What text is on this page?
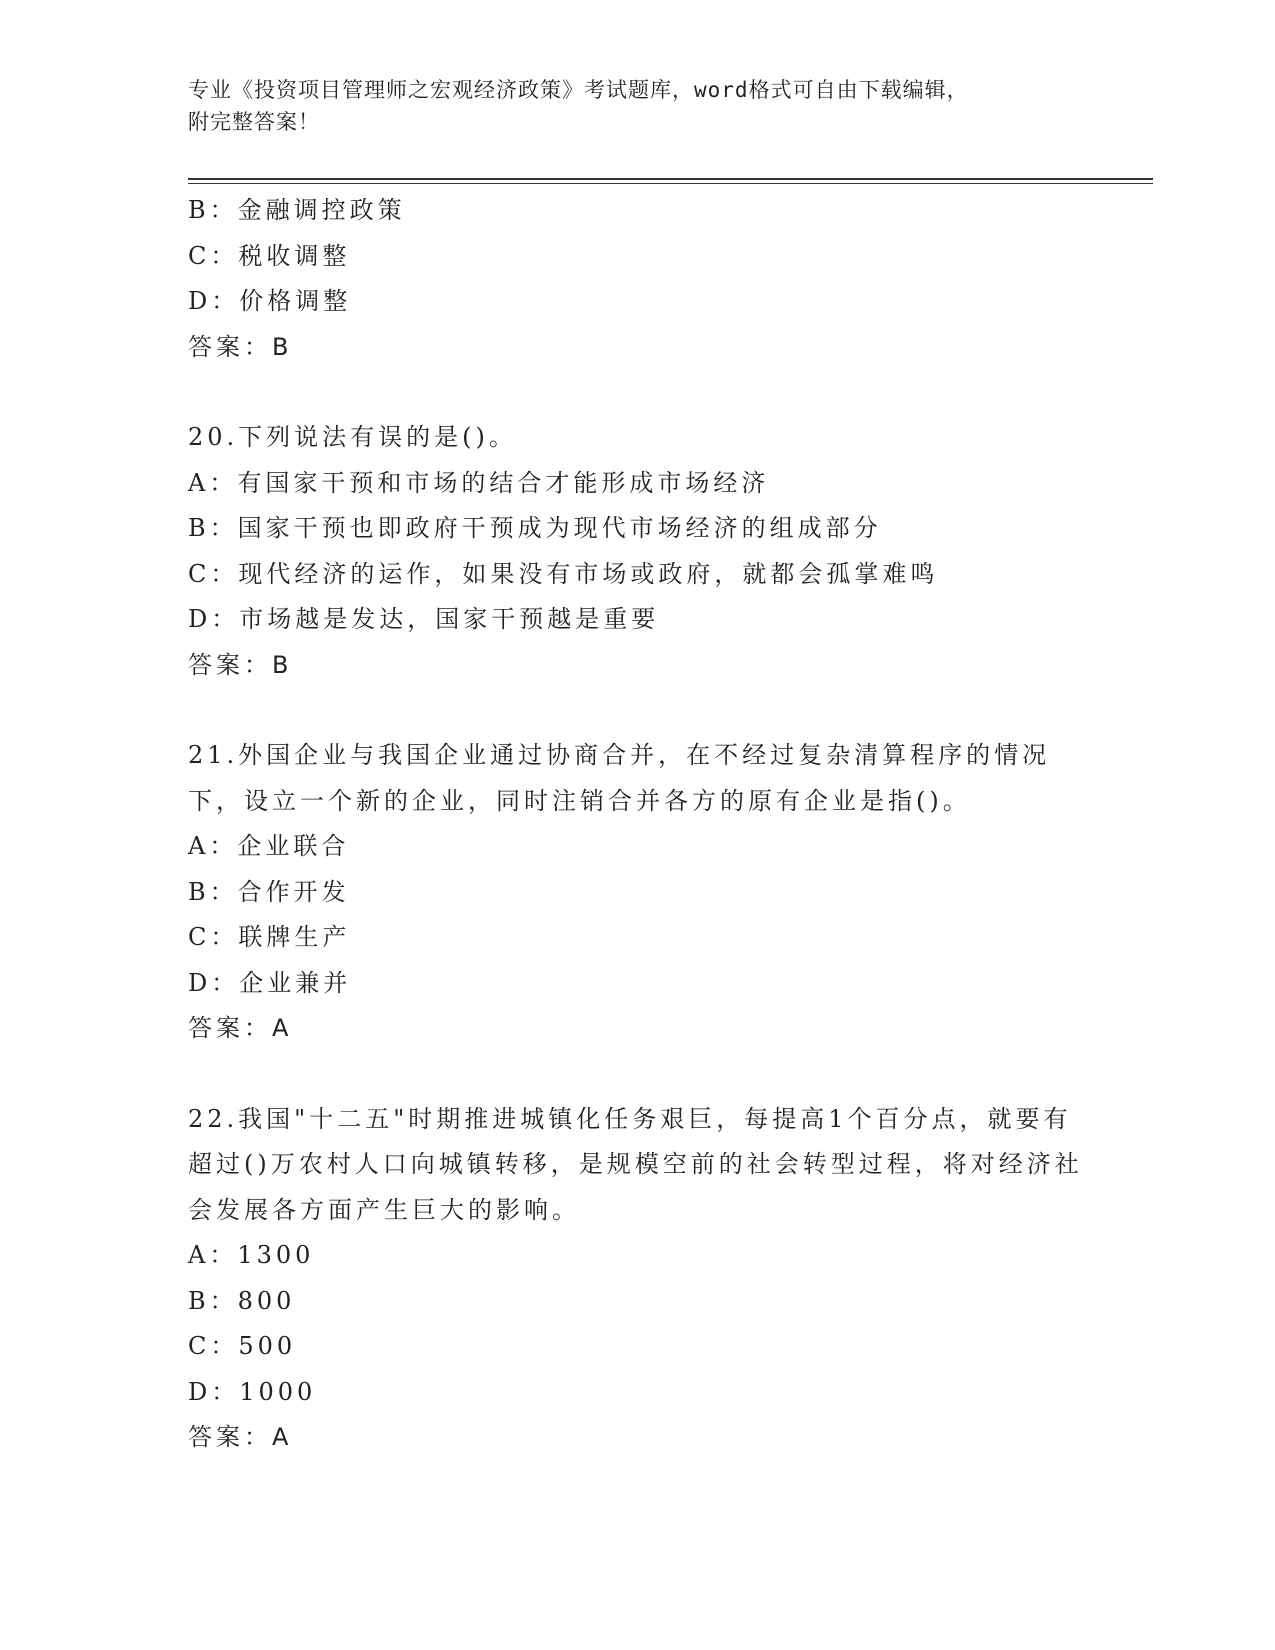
专业《投资项目管理师之宏观经济政策》考试题库，word格式可自由下载编辑，
附完整答案！
B：金融调控政策
C：税收调整
D：价格调整
答案：B
20.下列说法有误的是()。
A：有国家干预和市场的结合才能形成市场经济
B：国家干预也即政府干预成为现代市场经济的组成部分
C：现代经济的运作，如果没有市场或政府，就都会孤掌难鸣
D：市场越是发达，国家干预越是重要
答案：B
21.外国企业与我国企业通过协商合并，在不经过复杂清算程序的情况下，设立一个新的企业，同时注销合并各方的原有企业是指()。
A：企业联合
B：合作开发
C：联牌生产
D：企业兼并
答案：A
22.我国"十二五"时期推进城镇化任务艰巨，每提高1个百分点，就要有超过()万农村人口向城镇转移，是规模空前的社会转型过程，将对经济社会发展各方面产生巨大的影响。
A：1300
B：800
C：500
D：1000
答案：A
